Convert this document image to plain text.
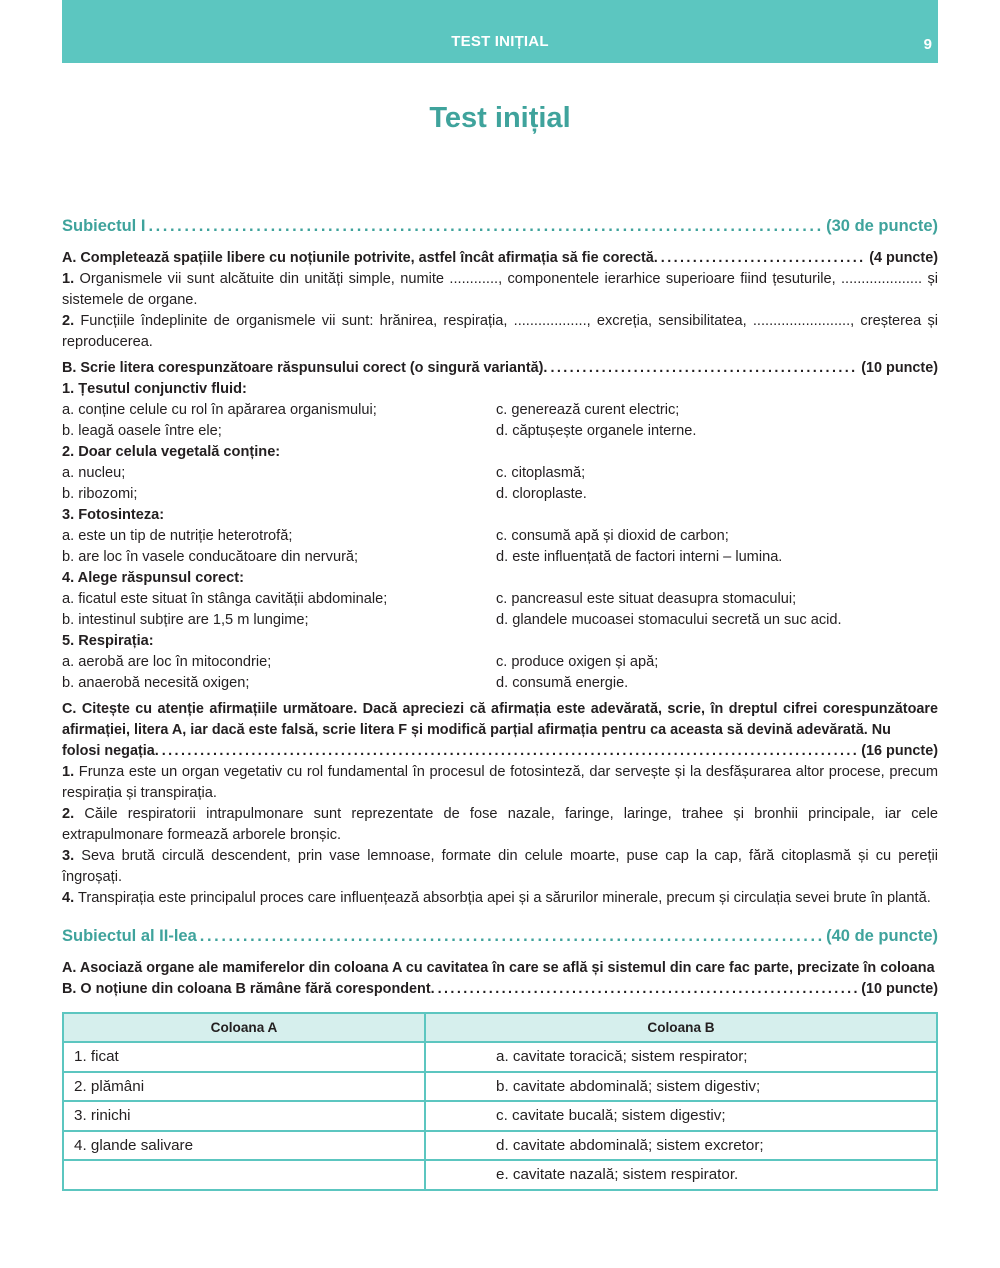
TEST INIȚIAL	9
Test inițial
Subiectul I .....	(30 de puncte)
A. Completează spațiile libere cu noțiunile potrivite, astfel încât afirmația să fie corectă. .....	(4 puncte)

1. Organismele vii sunt alcătuite din unități simple, numite ............, componentele ierarhice superioare fiind țesuturile, .................... și sistemele de organe.

2. Funcțiile îndeplinite de organismele vii sunt: hrănirea, respirația, .................., excreția, sensibilitatea, ........................, creșterea și reproducerea.

B. Scrie litera corespunzătoare răspunsului corect (o singură variantă). .....	(10 puncte)
1. Țesutul conjunctiv fluid:
a. conține celule cu rol în apărarea organismului;	c. generează curent electric;
b. leagă oasele între ele;	d. căptușește organele interne.
2. Doar celula vegetală conține:
a. nucleu;	c. citoplasmă;
b. ribozomi;	d. cloroplaste.
3. Fotosinteza:
a. este un tip de nutriție heterotrofă;	c. consumă apă și dioxid de carbon;
b. are loc în vasele conducătoare din nervură;	d. este influențată de factori interni – lumina.
4. Alege răspunsul corect:
a. ficatul este situat în stânga cavității abdominale;	c. pancreasul este situat deasupra stomacului;
b. intestinul subțire are 1,5 m lungime;	d. glandele mucoasei stomacului secretă un suc acid.
5. Respirația:
a. aerobă are loc în mitocondrie;	c. produce oxigen și apă;
b. anaerobă necesită oxigen;	d. consumă energie.
C. Citește cu atenție afirmațiile următoare. Dacă apreciezi că afirmația este adevărată, scrie, în dreptul cifrei corespunzătoare afirmației, litera A, iar dacă este falsă, scrie litera F și modifică parțial afirmația pentru ca aceasta să devină adevărată. Nu
folosi negația. .....	(16 puncte)

1. Frunza este un organ vegetativ cu rol fundamental în procesul de fotosinteză, dar servește și la desfășurarea altor procese, precum respirația și transpirația.

2. Căile respiratorii intrapulmonare sunt reprezentate de fose nazale, faringe, laringe, trahee și bronhii principale, iar cele extrapulmonare formează arborele bronșic.

3. Seva brută circulă descendent, prin vase lemnoase, formate din celule moarte, puse cap la cap, fără citoplasmă și cu pereții îngroșați.

4. Transpirația este principalul proces care influențează absorbția apei și a sărurilor minerale, precum și circulația sevei brute în plantă.

Subiectul al II-lea .....	(40 de puncte)
A. Asociază organe ale mamiferelor din coloana A cu cavitatea în care se află și sistemul din care fac parte, precizate în coloana
B. O noțiune din coloana B rămâne fără corespondent. .....	(10 puncte)
Coloana A	Coloana B
1. ficat	a. cavitate toracică; sistem respirator;
2. plămâni	b. cavitate abdominală; sistem digestiv;
3. rinichi	c. cavitate bucală; sistem digestiv;
4. glande salivare	d. cavitate abdominală; sistem excretor;
	e. cavitate nazală; sistem respirator.
